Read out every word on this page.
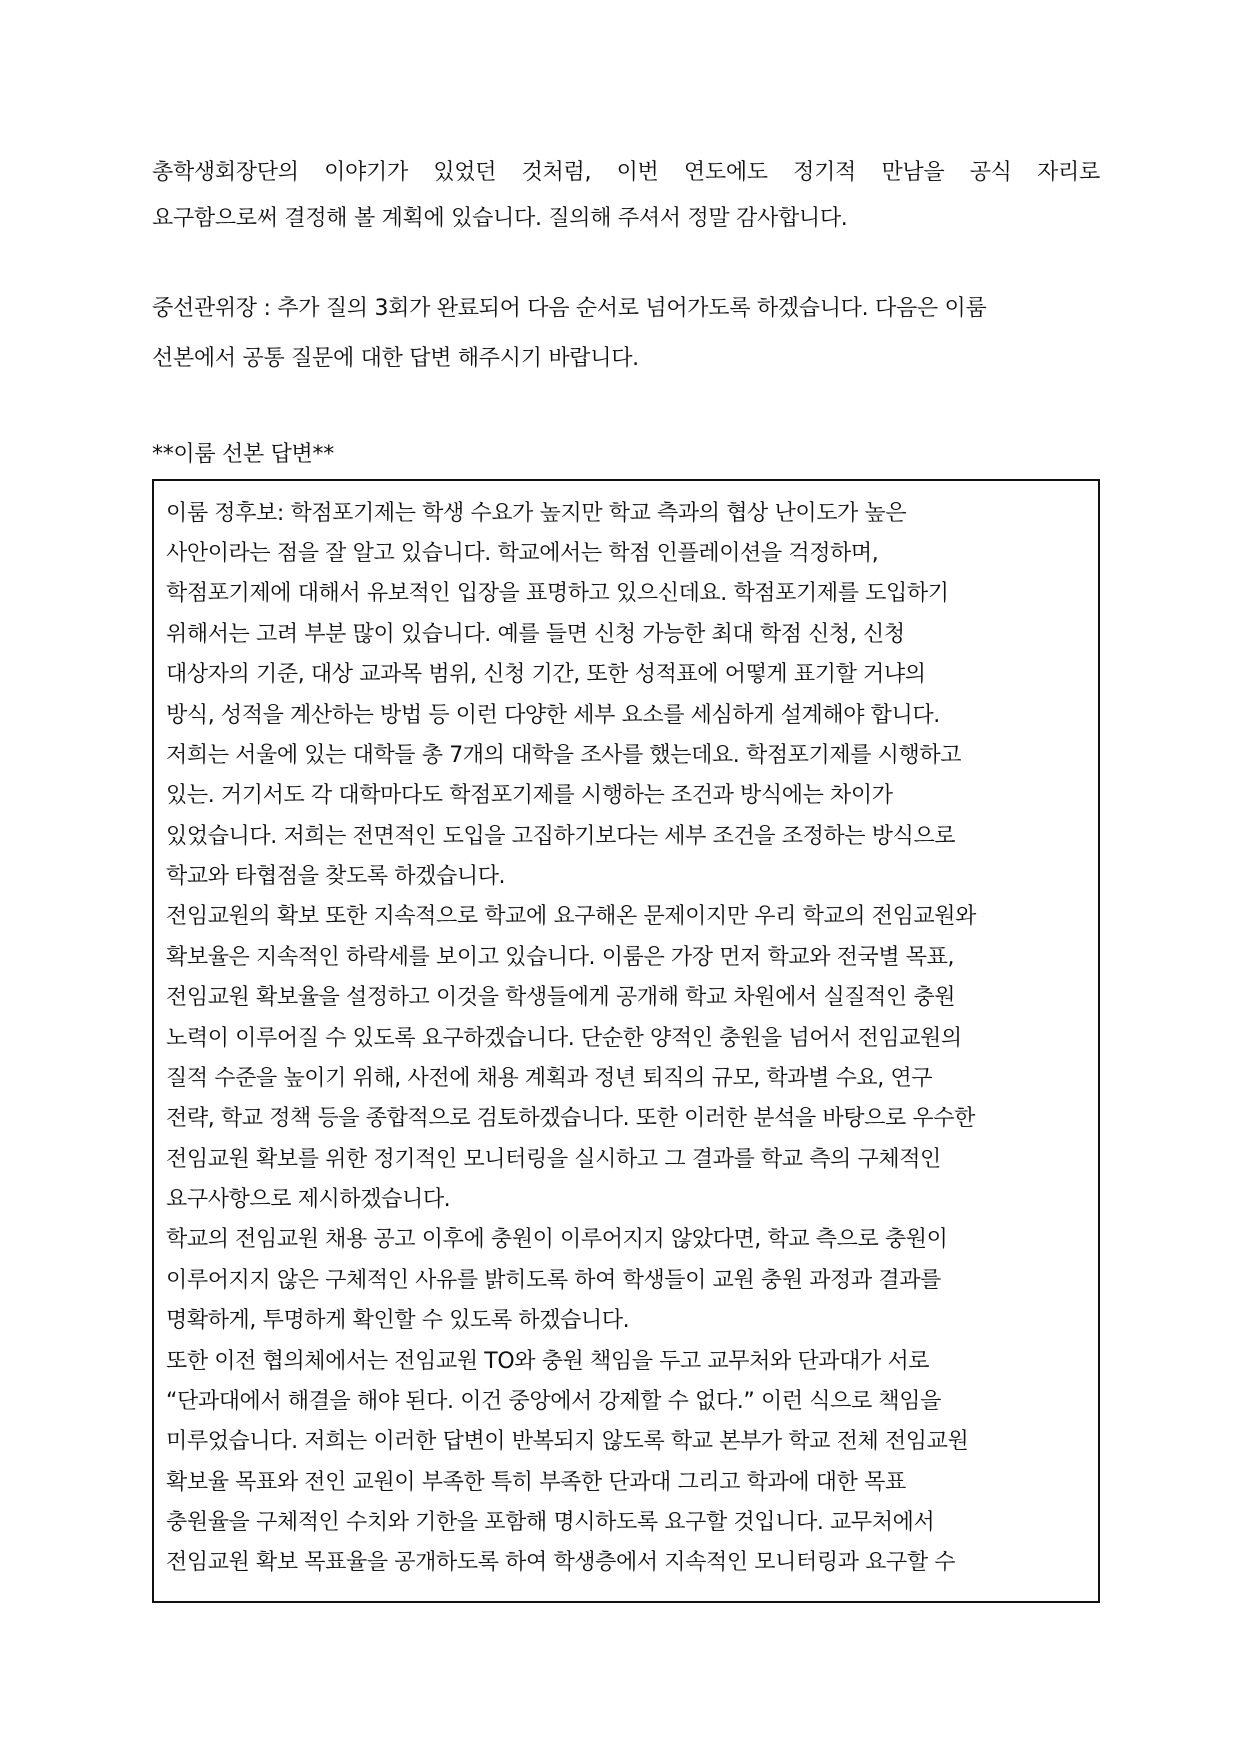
총학생회장단의 이야기가 있었던 것처럼, 이번 연도에도 정기적 만남을 공식 자리로
요구함으로써 결정해 볼 계획에 있습니다. 질의해 주셔서 정말 감사합니다.
중선관위장 : 추가 질의 3회가 완료되어 다음 순서로 넘어가도록 하겠습니다. 다음은 이룸
선본에서 공통 질문에 대한 답변 해주시기 바랍니다.
**이룸 선본 답변**
이룸 정후보: 학점포기제는 학생 수요가 높지만 학교 측과의 협상 난이도가 높은
사안이라는 점을 잘 알고 있습니다. 학교에서는 학점 인플레이션을 걱정하며,
학점포기제에 대해서 유보적인 입장을 표명하고 있으신데요. 학점포기제를 도입하기
위해서는 고려 부분 많이 있습니다. 예를 들면 신청 가능한 최대 학점 신청, 신청
대상자의 기준, 대상 교과목 범위, 신청 기간, 또한 성적표에 어떻게 표기할 거냐의
방식, 성적을 계산하는 방법 등 이런 다양한 세부 요소를 세심하게 설계해야 합니다.
저희는 서울에 있는 대학들 총 7개의 대학을 조사를 했는데요. 학점포기제를 시행하고
있는. 거기서도 각 대학마다도 학점포기제를 시행하는 조건과 방식에는 차이가
있었습니다. 저희는 전면적인 도입을 고집하기보다는 세부 조건을 조정하는 방식으로
학교와 타협점을 찾도록 하겠습니다.
전임교원의 확보 또한 지속적으로 학교에 요구해온 문제이지만 우리 학교의 전임교원와
확보율은 지속적인 하락세를 보이고 있습니다. 이룸은 가장 먼저 학교와 전국별 목표,
전임교원 확보율을 설정하고 이것을 학생들에게 공개해 학교 차원에서 실질적인 충원
노력이 이루어질 수 있도록 요구하겠습니다. 단순한 양적인 충원을 넘어서 전임교원의
질적 수준을 높이기 위해, 사전에 채용 계획과 정년 퇴직의 규모, 학과별 수요, 연구
전략, 학교 정책 등을 종합적으로 검토하겠습니다. 또한 이러한 분석을 바탕으로 우수한
전임교원 확보를 위한 정기적인 모니터링을 실시하고 그 결과를 학교 측의 구체적인
요구사항으로 제시하겠습니다.
학교의 전임교원 채용 공고 이후에 충원이 이루어지지 않았다면, 학교 측으로 충원이
이루어지지 않은 구체적인 사유를 밝히도록 하여 학생들이 교원 충원 과정과 결과를
명확하게, 투명하게 확인할 수 있도록 하겠습니다.
또한 이전 협의체에서는 전임교원 TO와 충원 책임을 두고 교무처와 단과대가 서로
“단과대에서 해결을 해야 된다. 이건 중앙에서 강제할 수 없다.” 이런 식으로 책임을
미루었습니다. 저희는 이러한 답변이 반복되지 않도록 학교 본부가 학교 전체 전임교원
확보율 목표와 전인 교원이 부족한 특히 부족한 단과대 그리고 학과에 대한 목표
충원율을 구체적인 수치와 기한을 포함해 명시하도록 요구할 것입니다. 교무처에서
전임교원 확보 목표율을 공개하도록 하여 학생층에서 지속적인 모니터링과 요구할 수
